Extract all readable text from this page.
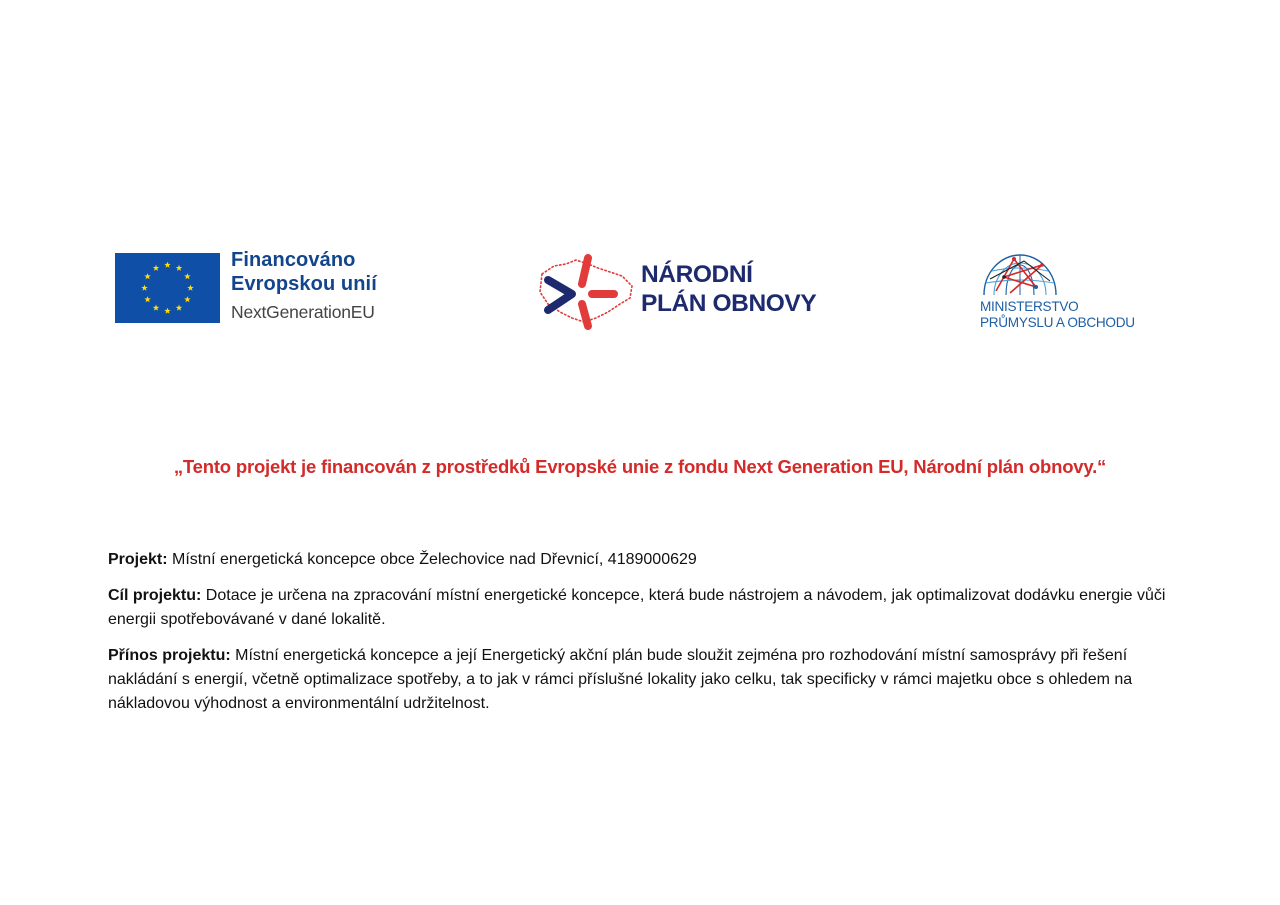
Financováno
Evropskou unií
NextGenerationEU
NÁRODNÍ
PLÁN OBNOVY	MINISTERSTVO
PRŮMYSLU A OBCHODU
„Tento projekt je financován z prostředků Evropské unie z fondu Next Generation EU, Národní plán obnovy.“

Projekt: Místní energetická koncepce obce Želechovice nad Dřevnicí, 4189000629

Cíl projektu: Dotace je určena na zpracování místní energetické koncepce, která bude nástrojem a návodem, jak optimalizovat dodávku energie vůči energii spotřebovávané v dané lokalitě.

Přínos projektu: Místní energetická koncepce a její Energetický akční plán bude sloužit zejména pro rozhodování místní samosprávy při řešení nakládání s energií, včetně optimalizace spotřeby, a to jak v rámci příslušné lokality jako celku, tak specificky v rámci majetku obce s ohledem na nákladovou výhodnost a environmentální udržitelnost.
